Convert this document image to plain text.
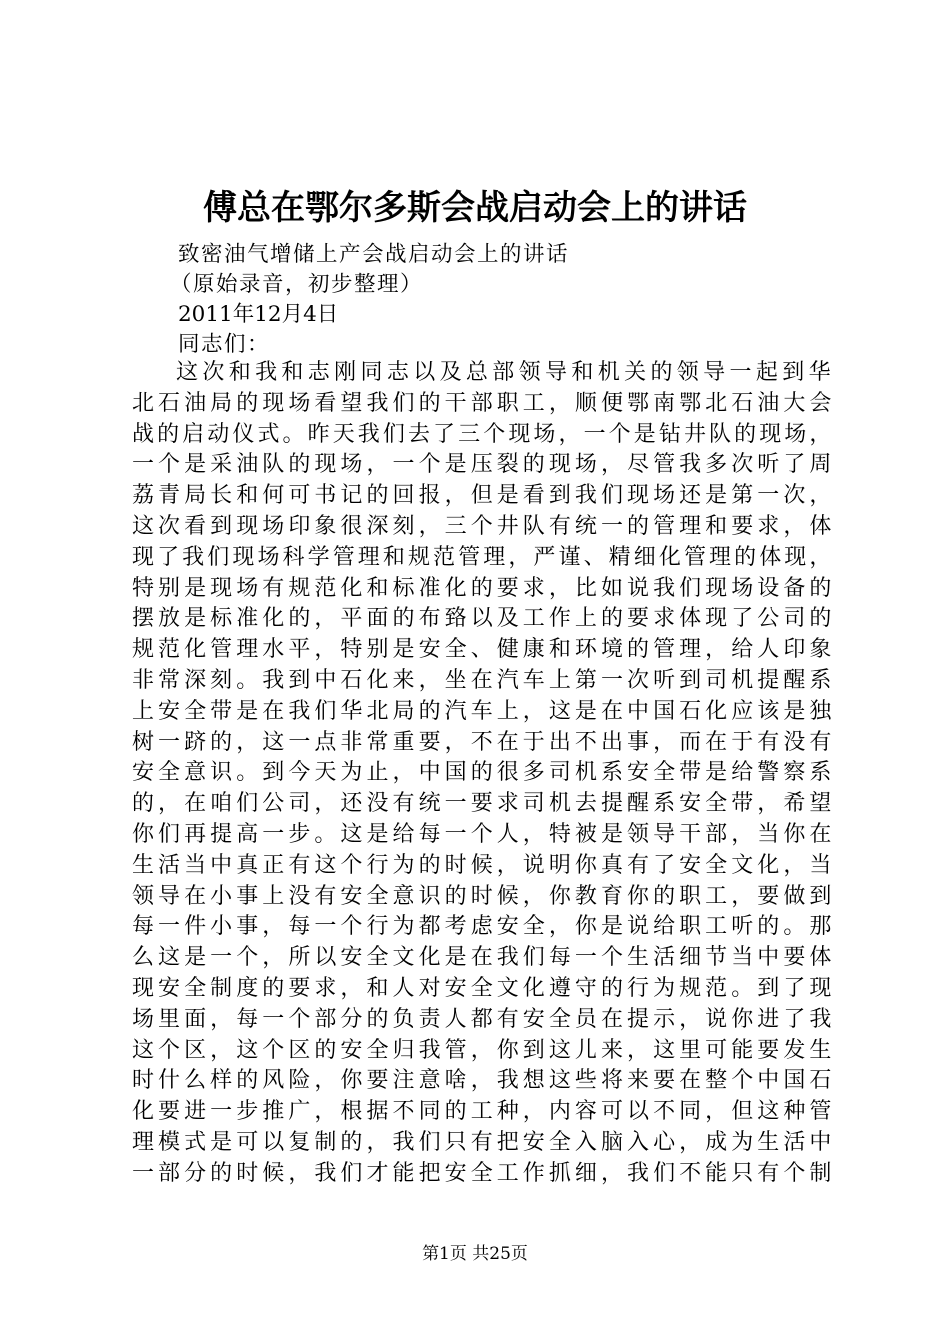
傅总在鄂尔多斯会战启动会上的讲话

致密油气增储上产会战启动会上的讲话

（原始录音，初步整理）

2011年12月4日

同志们：

这次和我和志刚同志以及总部领导和机关的领导一起到华
北石油局的现场看望我们的干部职工，顺便鄂南鄂北石油大会
战的启动仪式。昨天我们去了三个现场，一个是钻井队的现场，
一个是采油队的现场，一个是压裂的现场，尽管我多次听了周
荔青局长和何可书记的回报，但是看到我们现场还是第一次，
这次看到现场印象很深刻，三个井队有统一的管理和要求，体
现了我们现场科学管理和规范管理，严谨、精细化管理的体现，
特别是现场有规范化和标准化的要求，比如说我们现场设备的
摆放是标准化的，平面的布臵以及工作上的要求体现了公司的
规范化管理水平，特别是安全、健康和环境的管理，给人印象
非常深刻。我到中石化来，坐在汽车上第一次听到司机提醒系
上安全带是在我们华北局的汽车上，这是在中国石化应该是独
树一跻的，这一点非常重要，不在于出不出事，而在于有没有
安全意识。到今天为止，中国的很多司机系安全带是给警察系
的，在咱们公司，还没有统一要求司机去提醒系安全带，希望
你们再提高一步。这是给每一个人，特被是领导干部，当你在
生活当中真正有这个行为的时候，说明你真有了安全文化，当
领导在小事上没有安全意识的时候，你教育你的职工，要做到
每一件小事，每一个行为都考虑安全，你是说给职工听的。那
么这是一个，所以安全文化是在我们每一个生活细节当中要体
现安全制度的要求，和人对安全文化遵守的行为规范。到了现
场里面，每一个部分的负责人都有安全员在提示，说你进了我
这个区，这个区的安全归我管，你到这儿来，这里可能要发生
时什么样的风险，你要注意啥，我想这些将来要在整个中国石
化要进一步推广，根据不同的工种，内容可以不同，但这种管
理模式是可以复制的，我们只有把安全入脑入心，成为生活中
一部分的时候，我们才能把安全工作抓细，我们不能只有个制
第1页 共25页
